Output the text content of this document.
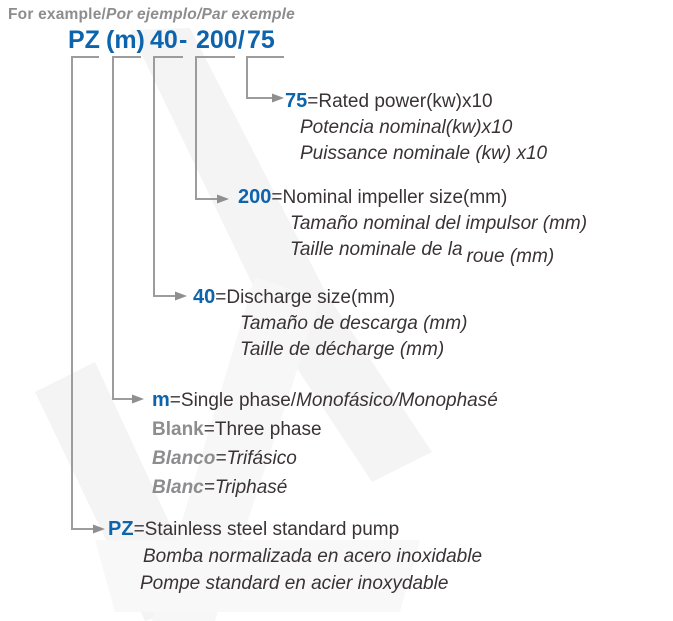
For example/Por ejemplo/Par exemple
PZ (m) 40 - 200/ 75
75=Rated power(kw)x10
Potencia nominal(kw)x10
Puissance nominale (kw) x10
200=Nominal impeller size(mm)
Tamaño nominal del impulsor (mm)
Taille nominale de la roue (mm)
40=Discharge size(mm)
Tamaño de descarga (mm)
Taille de décharge (mm)
m=Single phase/Monofásico/Monophasé
Blank=Three phase
Blanco=Trifásico
Blanc=Triphasé
PZ=Stainless steel standard pump
Bomba normalizada en acero inoxidable
Pompe standard en acier inoxydable
